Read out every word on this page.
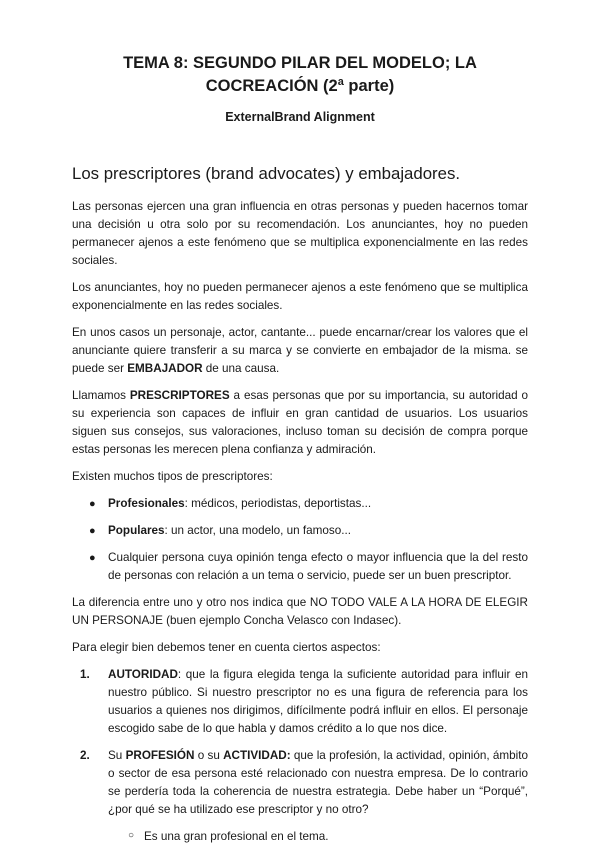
TEMA 8: SEGUNDO PILAR DEL MODELO; LA
COCREACIÓN (2ª parte)
ExternalBrand Alignment
Los prescriptores (brand advocates) y embajadores.

Las personas ejercen una gran influencia en otras personas y pueden hacernos tomar una decisión u otra solo por su recomendación. Los anunciantes, hoy no pueden permanecer ajenos a este fenómeno que se multiplica exponencialmente en las redes sociales.

Los anunciantes, hoy no pueden permanecer ajenos a este fenómeno que se multiplica exponencialmente en las redes sociales.

En unos casos un personaje, actor, cantante... puede encarnar/crear los valores que el anunciante quiere transferir a su marca y se convierte en embajador de la misma. se puede ser EMBAJADOR de una causa.

Llamamos PRESCRIPTORES a esas personas que por su importancia, su autoridad o su experiencia son capaces de influir en gran cantidad de usuarios. Los usuarios siguen sus consejos, sus valoraciones, incluso toman su decisión de compra porque estas personas les merecen plena confianza y admiración.

Existen muchos tipos de prescriptores:

● Profesionales: médicos, periodistas, deportistas...
● Populares: un actor, una modelo, un famoso...
● Cualquier persona cuya opinión tenga efecto o mayor influencia que la del resto de personas con relación a un tema o servicio, puede ser un buen prescriptor.

La diferencia entre uno y otro nos indica que NO TODO VALE A LA HORA DE ELEGIR UN PERSONAJE (buen ejemplo Concha Velasco con Indasec).

Para elegir bien debemos tener en cuenta ciertos aspectos:

1. AUTORIDAD: que la figura elegida tenga la suficiente autoridad para influir en nuestro público. Si nuestro prescriptor no es una figura de referencia para los usuarios a quienes nos dirigimos, difícilmente podrá influir en ellos. El personaje escogido sabe de lo que habla y damos crédito a lo que nos dice.
2. Su PROFESIÓN o su ACTIVIDAD: que la profesión, la actividad, opinión, ámbito o sector de esa persona esté relacionado con nuestra empresa. De lo contrario se perdería toda la coherencia de nuestra estrategia. Debe haber un “Porqué”, ¿por qué se ha utilizado ese prescriptor y no otro?
○ Es una gran profesional en el tema.
